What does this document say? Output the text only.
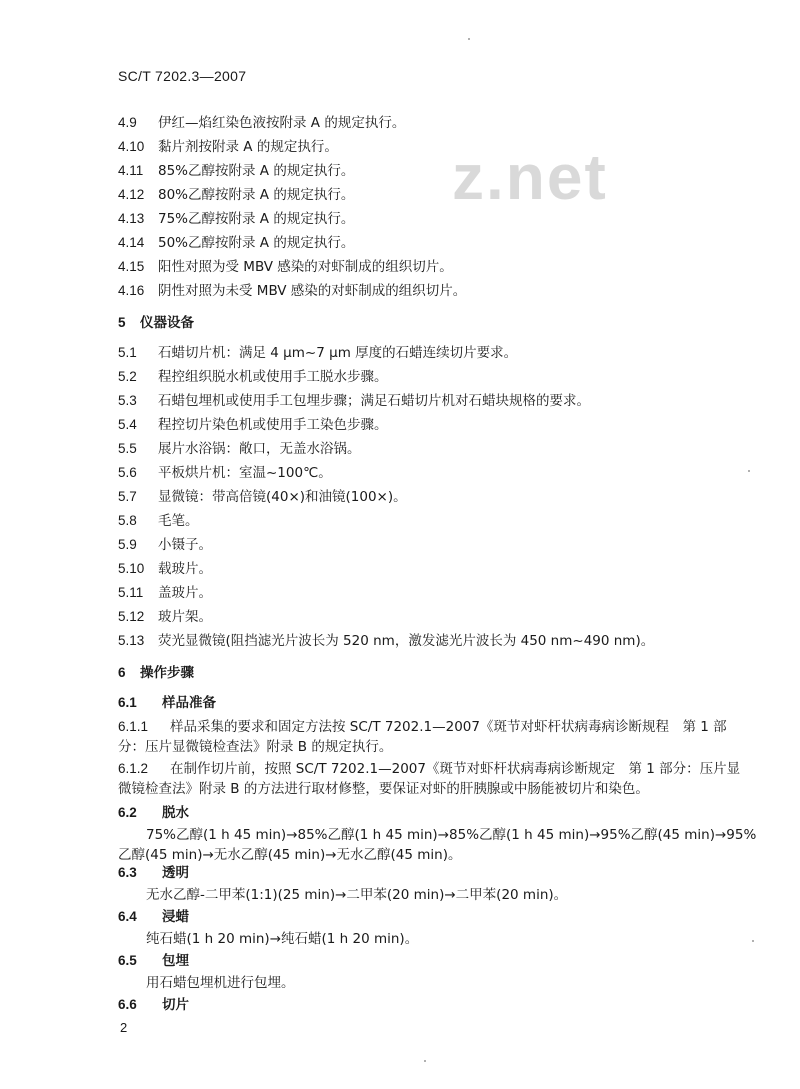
SC/T 7202.3—2007
z.net
4.9 伊红—焰红染色液按附录 A 的规定执行。
4.10 黏片剂按附录 A 的规定执行。
4.11 85%乙醇按附录 A 的规定执行。
4.12 80%乙醇按附录 A 的规定执行。
4.13 75%乙醇按附录 A 的规定执行。
4.14 50%乙醇按附录 A 的规定执行。
4.15 阳性对照为受 MBV 感染的对虾制成的组织切片。
4.16 阴性对照为未受 MBV 感染的对虾制成的组织切片。
5 仪器设备
5.1 石蜡切片机：满足 4 μm~7 μm 厚度的石蜡连续切片要求。
5.2 程控组织脱水机或使用手工脱水步骤。
5.3 石蜡包埋机或使用手工包埋步骤；满足石蜡切片机对石蜡块规格的要求。
5.4 程控切片染色机或使用手工染色步骤。
5.5 展片水浴锅：敞口，无盖水浴锅。
5.6 平板烘片机：室温~100℃。
5.7 显微镜：带高倍镜(40×)和油镜(100×)。
5.8 毛笔。
5.9 小镊子。
5.10 载玻片。
5.11 盖玻片。
5.12 玻片架。
5.13 荧光显微镜(阻挡滤光片波长为 520 nm，激发滤光片波长为 450 nm~490 nm)。
6 操作步骤
6.1 样品准备
6.1.1 样品采集的要求和固定方法按 SC/T 7202.1—2007《斑节对虾杆状病毒病诊断规程　第 1 部
分：压片显微镜检查法》附录 B 的规定执行。
6.1.2 在制作切片前，按照 SC/T 7202.1—2007《斑节对虾杆状病毒病诊断规定　第 1 部分：压片显
微镜检查法》附录 B 的方法进行取材修整，要保证对虾的肝胰腺或中肠能被切片和染色。
6.2 脱水
75%乙醇(1 h 45 min)→85%乙醇(1 h 45 min)→85%乙醇(1 h 45 min)→95%乙醇(45 min)→95%
乙醇(45 min)→无水乙醇(45 min)→无水乙醇(45 min)。
6.3 透明
无水乙醇-二甲苯(1:1)(25 min)→二甲苯(20 min)→二甲苯(20 min)。
6.4 浸蜡
纯石蜡(1 h 20 min)→纯石蜡(1 h 20 min)。
6.5 包埋
用石蜡包埋机进行包埋。
6.6 切片
2
